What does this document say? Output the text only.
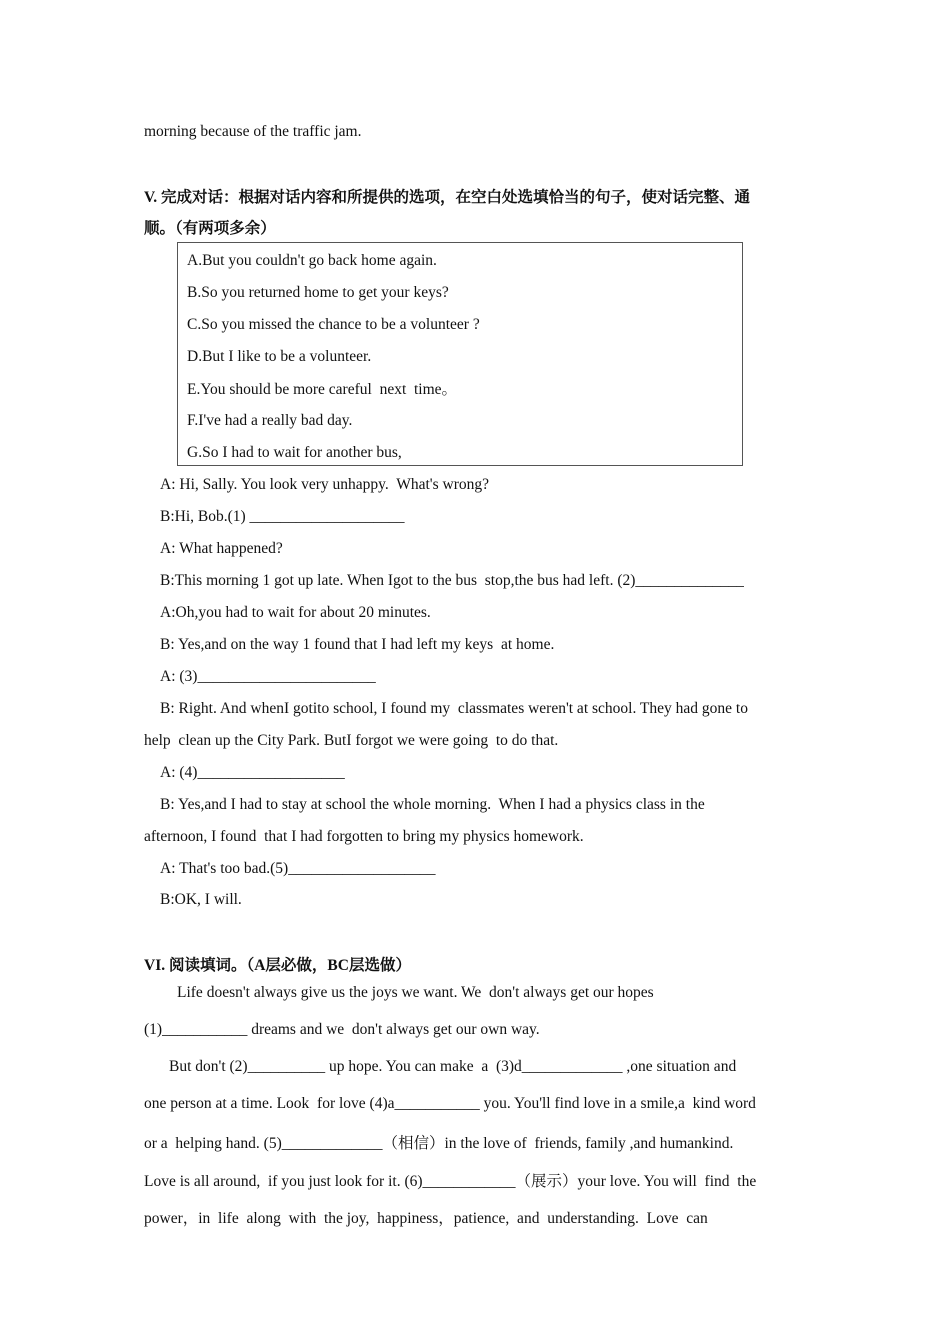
morning because of the traffic jam.
V. 完成对话：根据对话内容和所提供的选项，在空白处选填恰当的句子，使对话完整、通
顺。（有两项多余）
A.But you couldn't go back home again.
B.So you returned home to get your keys?
C.So you missed the chance to be a volunteer ?
D.But I like to be a volunteer.
E.You should be more careful  next  time。
F.I've had a really bad day.
G.So I had to wait for another bus,
A: Hi, Sally. You look very unhappy.  What's wrong?
B:Hi, Bob.(1) ____________________
A: What happened?
B:This morning 1 got up late. When Igot to the bus  stop,the bus had left. (2)______________
A:Oh,you had to wait for about 20 minutes.
B: Yes,and on the way 1 found that I had left my keys  at home.
A: (3)_______________________
B: Right. And whenI gotito school, I found my  classmates weren't at school. They had gone to
help  clean up the City Park. ButI forgot we were going  to do that.
A: (4)___________________
B: Yes,and I had to stay at school the whole morning.  When I had a physics class in the
afternoon, I found  that I had forgotten to bring my physics homework.
A: That's too bad.(5)___________________
B:OK, I will.
VI. 阅读填词。（A层必做，BC层选做）
Life doesn't always give us the joys we want. We  don't always get our hopes
(1)___________ dreams and we  don't always get our own way.
But don't (2)__________ up hope. You can make  a  (3)d_____________ ,one situation and
one person at a time. Look  for love (4)a___________ you. You'll find love in a smile,a  kind word
or a  helping hand. (5)_____________（相信）in the love of  friends, family ,and humankind.
Love is all around,  if you just look for it. (6)____________（展示）your love. You will  find  the
power，in  life  along  with  the joy,  happiness，patience,  and  understanding.  Love  can
